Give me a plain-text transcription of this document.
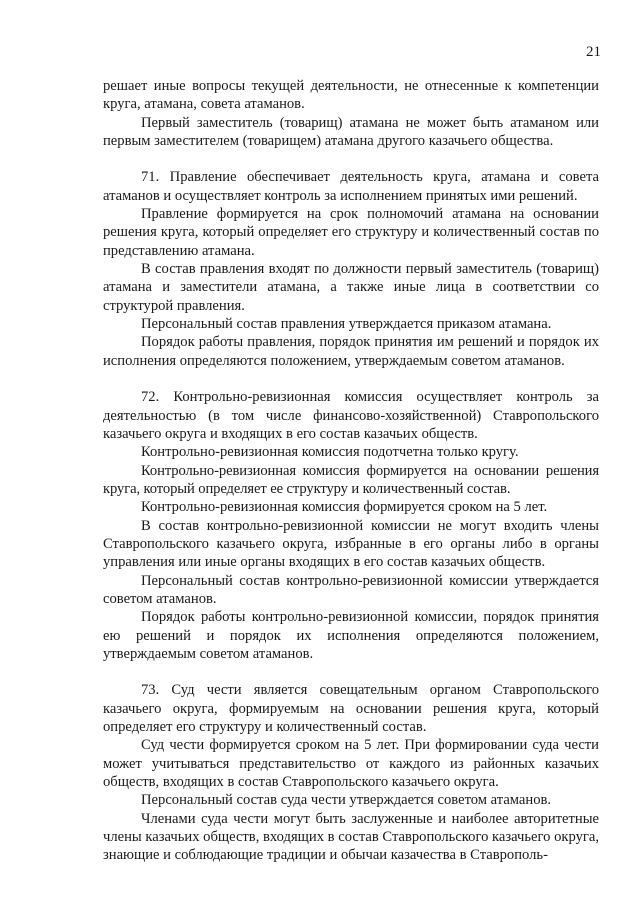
21

решает иные вопросы текущей деятельности, не отнесенные к компетенции круга, атамана, совета атаманов.

Первый заместитель (товарищ) атамана не может быть атаманом или первым заместителем (товарищем) атамана другого казачьего общества.

71. Правление обеспечивает деятельность круга, атамана и совета атаманов и осуществляет контроль за исполнением принятых ими решений.

Правление формируется на срок полномочий атамана на основании решения круга, который определяет его структуру и количественный состав по представлению атамана.

В состав правления входят по должности первый заместитель (товарищ) атамана и заместители атамана, а также иные лица в соответствии со структурой правления.

Персональный состав правления утверждается приказом атамана.

Порядок работы правления, порядок принятия им решений и порядок их исполнения определяются положением, утверждаемым советом атаманов.

72. Контрольно-ревизионная комиссия осуществляет контроль за деятельностью (в том числе финансово-хозяйственной) Ставропольского казачьего округа и входящих в его состав казачьих обществ.

Контрольно-ревизионная комиссия подотчетна только кругу.

Контрольно-ревизионная комиссия формируется на основании решения круга, который определяет ее структуру и количественный состав.

Контрольно-ревизионная комиссия формируется сроком на 5 лет.

В состав контрольно-ревизионной комиссии не могут входить члены Ставропольского казачьего округа, избранные в его органы либо в органы управления или иные органы входящих в его состав казачьих обществ.

Персональный состав контрольно-ревизионной комиссии утверждается советом атаманов.

Порядок работы контрольно-ревизионной комиссии, порядок принятия ею решений и порядок их исполнения определяются положением, утверждаемым советом атаманов.

73. Суд чести является совещательным органом Ставропольского казачьего округа, формируемым на основании решения круга, который определяет его структуру и количественный состав.

Суд чести формируется сроком на 5 лет. При формировании суда чести может учитываться представительство от каждого из районных казачьих обществ, входящих в состав Ставропольского казачьего округа.

Персональный состав суда чести утверждается советом атаманов.

Членами суда чести могут быть заслуженные и наиболее авторитетные члены казачьих обществ, входящих в состав Ставропольского казачьего округа, знающие и соблюдающие традиции и обычаи казачества в Ставрополь-
